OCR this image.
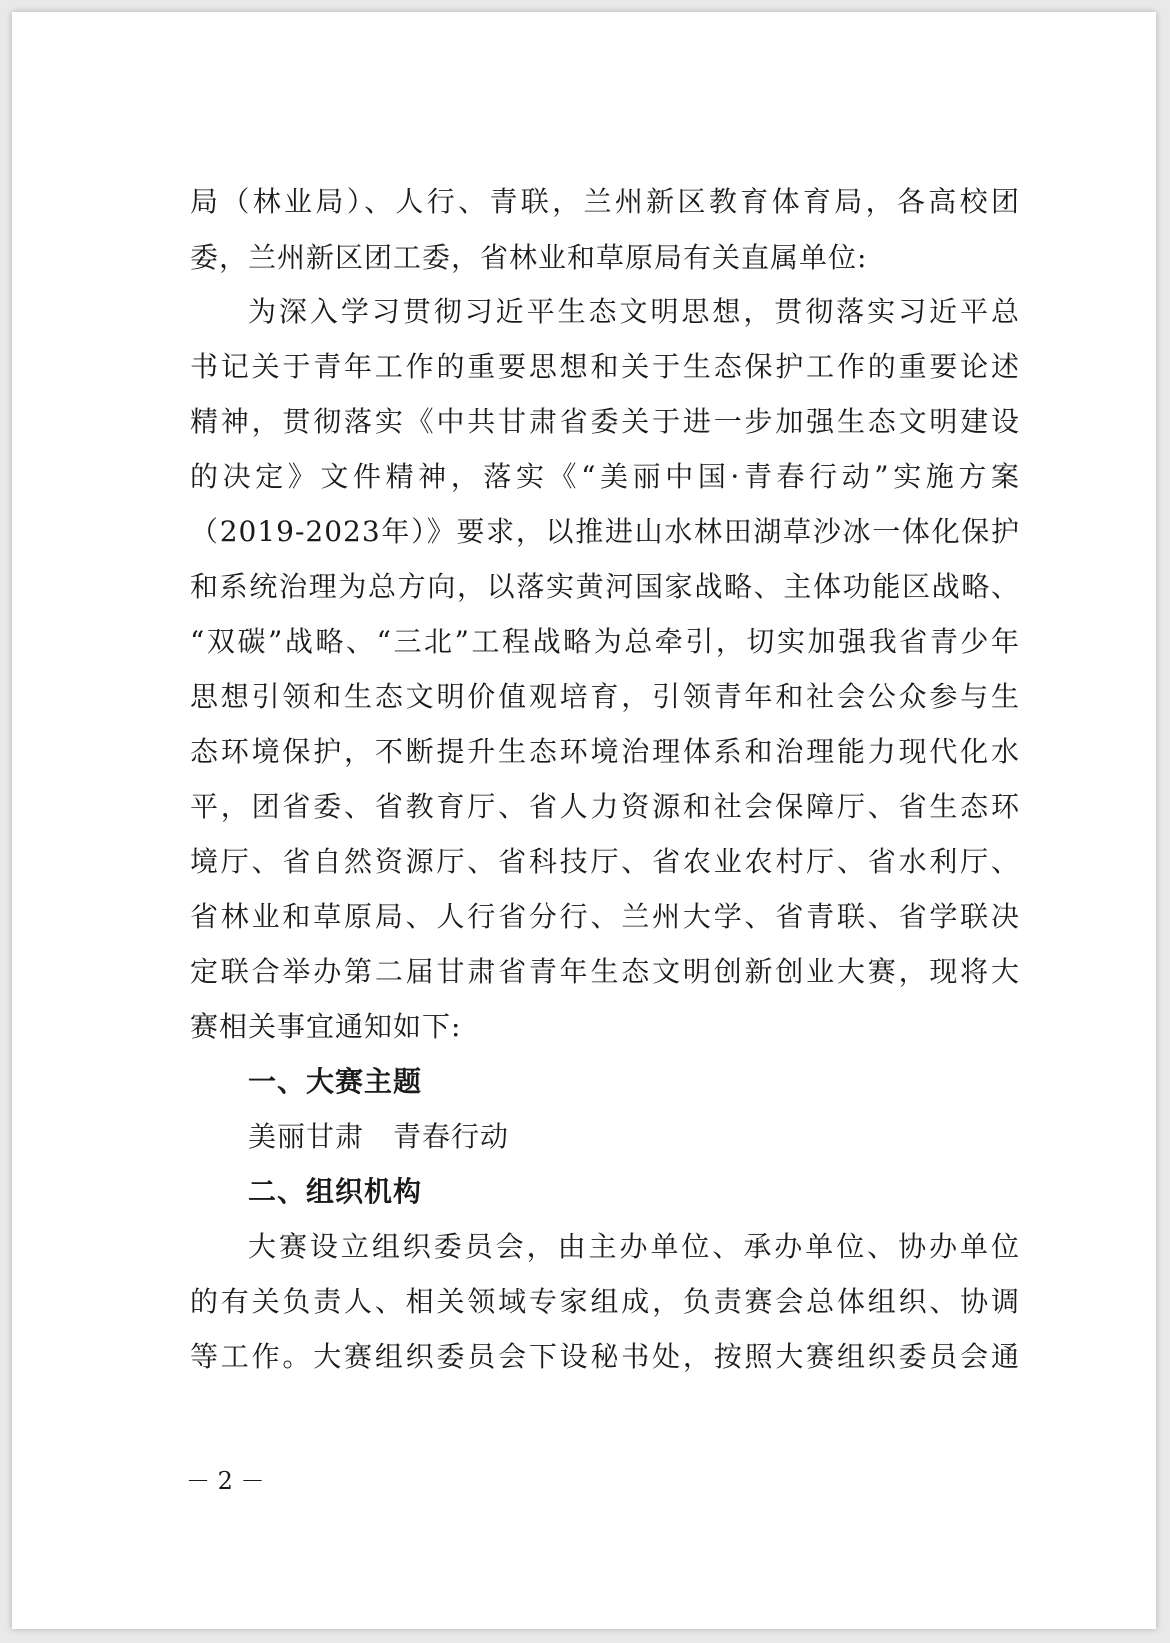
局（林业局）、人行、青联，兰州新区教育体育局，各高校团
委，兰州新区团工委，省林业和草原局有关直属单位:
为深入学习贯彻习近平生态文明思想，贯彻落实习近平总
书记关于青年工作的重要思想和关于生态保护工作的重要论述
精神，贯彻落实《中共甘肃省委关于进一步加强生态文明建设
的决定》文件精神，落实《“美丽中国·青春行动”实施方案
（2019-2023年）》要求，以推进山水林田湖草沙冰一体化保护
和系统治理为总方向，以落实黄河国家战略、主体功能区战略、
“双碳”战略、“三北”工程战略为总牵引，切实加强我省青少年
思想引领和生态文明价值观培育，引领青年和社会公众参与生
态环境保护，不断提升生态环境治理体系和治理能力现代化水
平，团省委、省教育厅、省人力资源和社会保障厅、省生态环
境厅、省自然资源厅、省科技厅、省农业农村厅、省水利厅、
省林业和草原局、人行省分行、兰州大学、省青联、省学联决
定联合举办第二届甘肃省青年生态文明创新创业大赛，现将大
赛相关事宜通知如下:
一、大赛主题
美丽甘肃　青春行动
二、组织机构
大赛设立组织委员会，由主办单位、承办单位、协办单位
的有关负责人、相关领域专家组成，负责赛会总体组织、协调
等工作。大赛组织委员会下设秘书处，按照大赛组织委员会通
－ 2 －
